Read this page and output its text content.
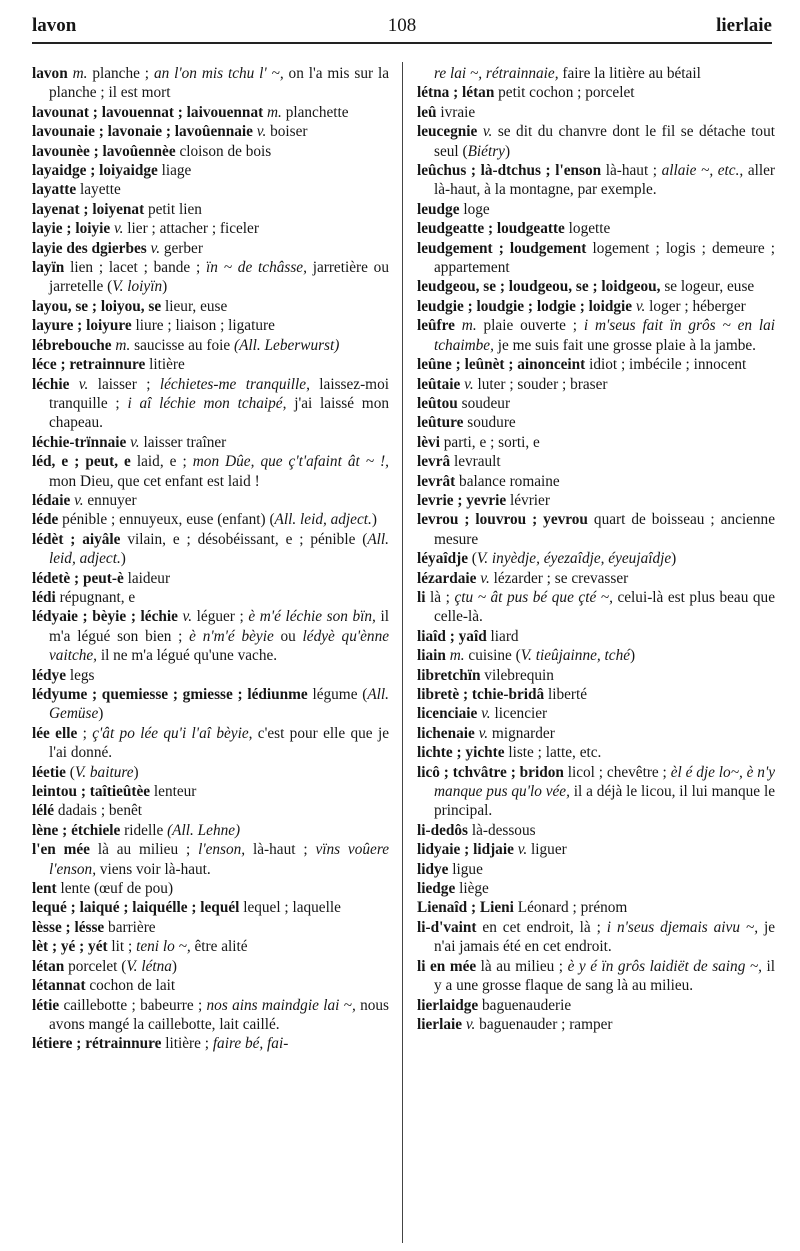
lavon	108	lierlaie

lavon m. planche ; an l'on mis tchu l' ~, on l'a mis sur la planche ; il est mort

lavounat ; lavouennat ; laivouennat m. planchette

lavounaie ; lavonaie ; lavoûennaie v. boiser

lavounèe ; lavoûennèe cloison de bois

layaidge ; loiyaidge liage

layatte layette

layenat ; loiyenat petit lien

layie ; loiyie v. lier ; attacher ; ficeler

layie des dgierbes v. gerber

layïn lien ; lacet ; bande ; ïn ~ de tchâsse, jarretière ou jarretelle (V. loiyïn)

layou, se ; loiyou, se lieur, euse

layure ; loiyure liure ; liaison ; ligature

lébrebouche m. saucisse au foie (All. Leberwurst)

léce ; retrainnure litière

léchie v. laisser ; léchietes-me tranquille, laissez-moi tranquille ; i aî léchie mon tchaipé, j'ai laissé mon chapeau.

léchie-trïnnaie v. laisser traîner

léd, e ; peut, e laid, e ; mon Dûe, que ç't'afaint ât ~ !, mon Dieu, que cet enfant est laid !

lédaie v. ennuyer

léde pénible ; ennuyeux, euse (enfant) (All. leid, adject.)

lédèt ; aiyâle vilain, e ; désobéissant, e ; pénible (All. leid, adject.)

lédetè ; peut-è laideur

lédi répugnant, e

lédyaie ; bèyie ; léchie v. léguer ; è m'é léchie son bïn, il m'a légué son bien ; è n'm'é bèyie ou lédyè qu'ènne vaitche, il ne m'a légué qu'une vache.

lédye legs

lédyume ; quemiesse ; gmiesse ; lédiunme légume (All. Gemüse)

lée elle ; ç'ât po lée qu'i l'aî bèyie, c'est pour elle que je l'ai donné.

léetie (V. baiture)

leintou ; taîtieûtèe lenteur

lélé dadais ; benêt

lène ; étchiele ridelle (All. Lehne)

l'en mée là au milieu ; l'enson, là-haut ; vïns voûere l'enson, viens voir là-haut.

lent lente (œuf de pou)

lequé ; laiqué ; laiquélle ; lequél lequel ; laquelle

lèsse ; lésse barrière

lèt ; yé ; yét lit ; teni lo ~, être alité

létan porcelet (V. létna)

létannat cochon de lait

létie caillebotte ; babeurre ; nos ains maindgie lai ~, nous avons mangé la caillebotte, lait caillé.

létiere ; rétrainnure litière ; faire bé, fai-

re lai ~, rétrainnaie, faire la litière au bétail

létna ; létan petit cochon ; porcelet

leû ivraie

leucegnie v. se dit du chanvre dont le fil se détache tout seul (Biétry)

leûchus ; là-dtchus ; l'enson là-haut ; allaie ~, etc., aller là-haut, à la montagne, par exemple.

leudge loge

leudgeatte ; loudgeatte logette

leudgement ; loudgement logement ; logis ; demeure ; appartement

leudgeou, se ; loudgeou, se ; loidgeou, se logeur, euse

leudgie ; loudgie ; lodgie ; loidgie v. loger ; héberger

leûfre m. plaie ouverte ; i m'seus fait ïn grôs ~ en lai tchaimbe, je me suis fait une grosse plaie à la jambe.

leûne ; leûnèt ; ainonceint idiot ; imbécile ; innocent

leûtaie v. luter ; souder ; braser

leûtou soudeur

leûture soudure

lèvi parti, e ; sorti, e

levrâ levrault

levrât balance romaine

levrie ; yevrie lévrier

levrou ; louvrou ; yevrou quart de boisseau ; ancienne mesure

léyaîdje (V. inyèdje, éyezaîdje, éyeujaîdje)

lézardaie v. lézarder ; se crevasser

li là ; çtu ~ ât pus bé que çté ~, celui-là est plus beau que celle-là.

liaîd ; yaîd liard

liain m. cuisine (V. tieûjainne, tché)

libretchïn vilebrequin

libretè ; tchie-bridâ liberté

licenciaie v. licencier

lichenaie v. mignarder

lichte ; yichte liste ; latte, etc.

licô ; tchvâtre ; bridon licol ; chevêtre ; èl é dje lo~, è n'y manque pus qu'lo vée, il a déjà le licou, il lui manque le principal.

li-dedôs là-dessous

lidyaie ; lidjaie v. liguer

lidye ligue

liedge liège

Lienaîd ; Lieni Léonard ; prénom

li-d'vaint en cet endroit, là ; i n'seus djemais aivu ~, je n'ai jamais été en cet endroit.

li en mée là au milieu ; è y é ïn grôs laidiët de saing ~, il y a une grosse flaque de sang là au milieu.

lierlaidge baguenauderie

lierlaie v. baguenauder ; ramper
